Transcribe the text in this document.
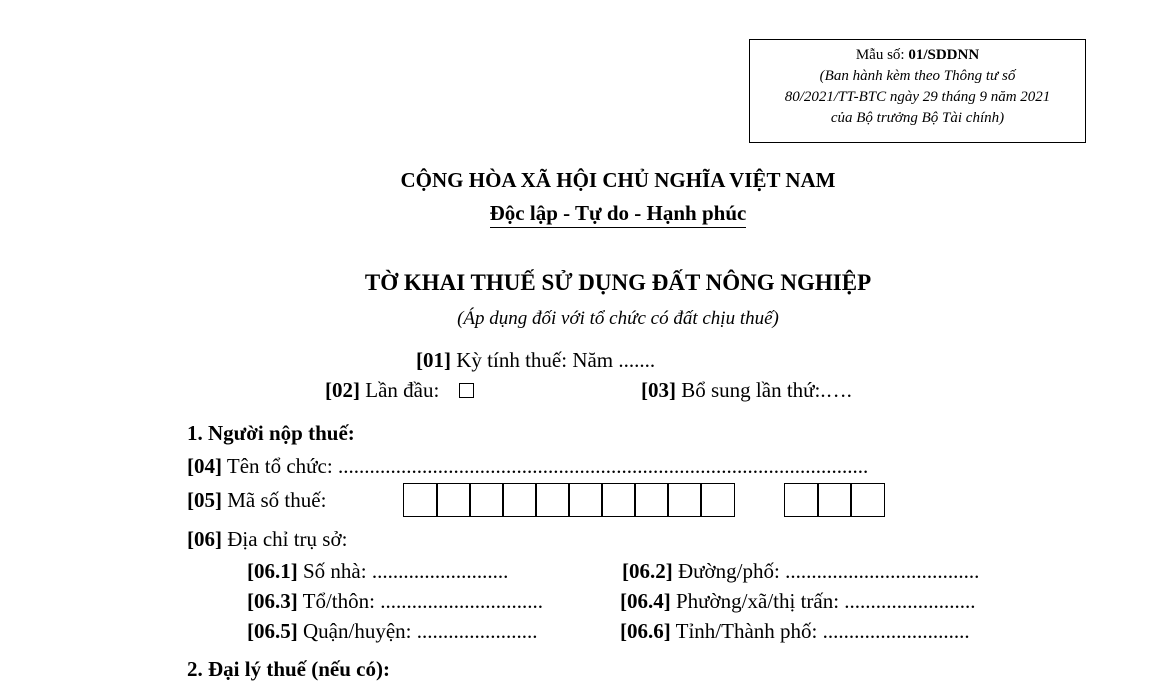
Mẫu số: 01/SDDNN
(Ban hành kèm theo Thông tư số
80/2021/TT-BTC ngày 29 tháng 9 năm 2021
của Bộ trưởng Bộ Tài chính)
CỘNG HÒA XÃ HỘI CHỦ NGHĨA VIỆT NAM
Độc lập - Tự do - Hạnh phúc
TỜ KHAI THUẾ SỬ DỤNG ĐẤT NÔNG NGHIỆP
(Áp dụng đối với tổ chức có đất chịu thuế)
[01] Kỳ tính thuế: Năm .......
[02] Lần đầu:	[03] Bổ sung lần thứ:.….
1. Người nộp thuế:
[04] Tên tổ chức: .....................................................................................................
[05] Mã số thuế:
[06] Địa chỉ trụ sở:
[06.1] Số nhà: ..........................	[06.2] Đường/phố: .....................................
[06.3] Tổ/thôn: ...............................	[06.4] Phường/xã/thị trấn: .........................
[06.5] Quận/huyện: .......................	[06.6] Tỉnh/Thành phố: ............................
2. Đại lý thuế (nếu có):
